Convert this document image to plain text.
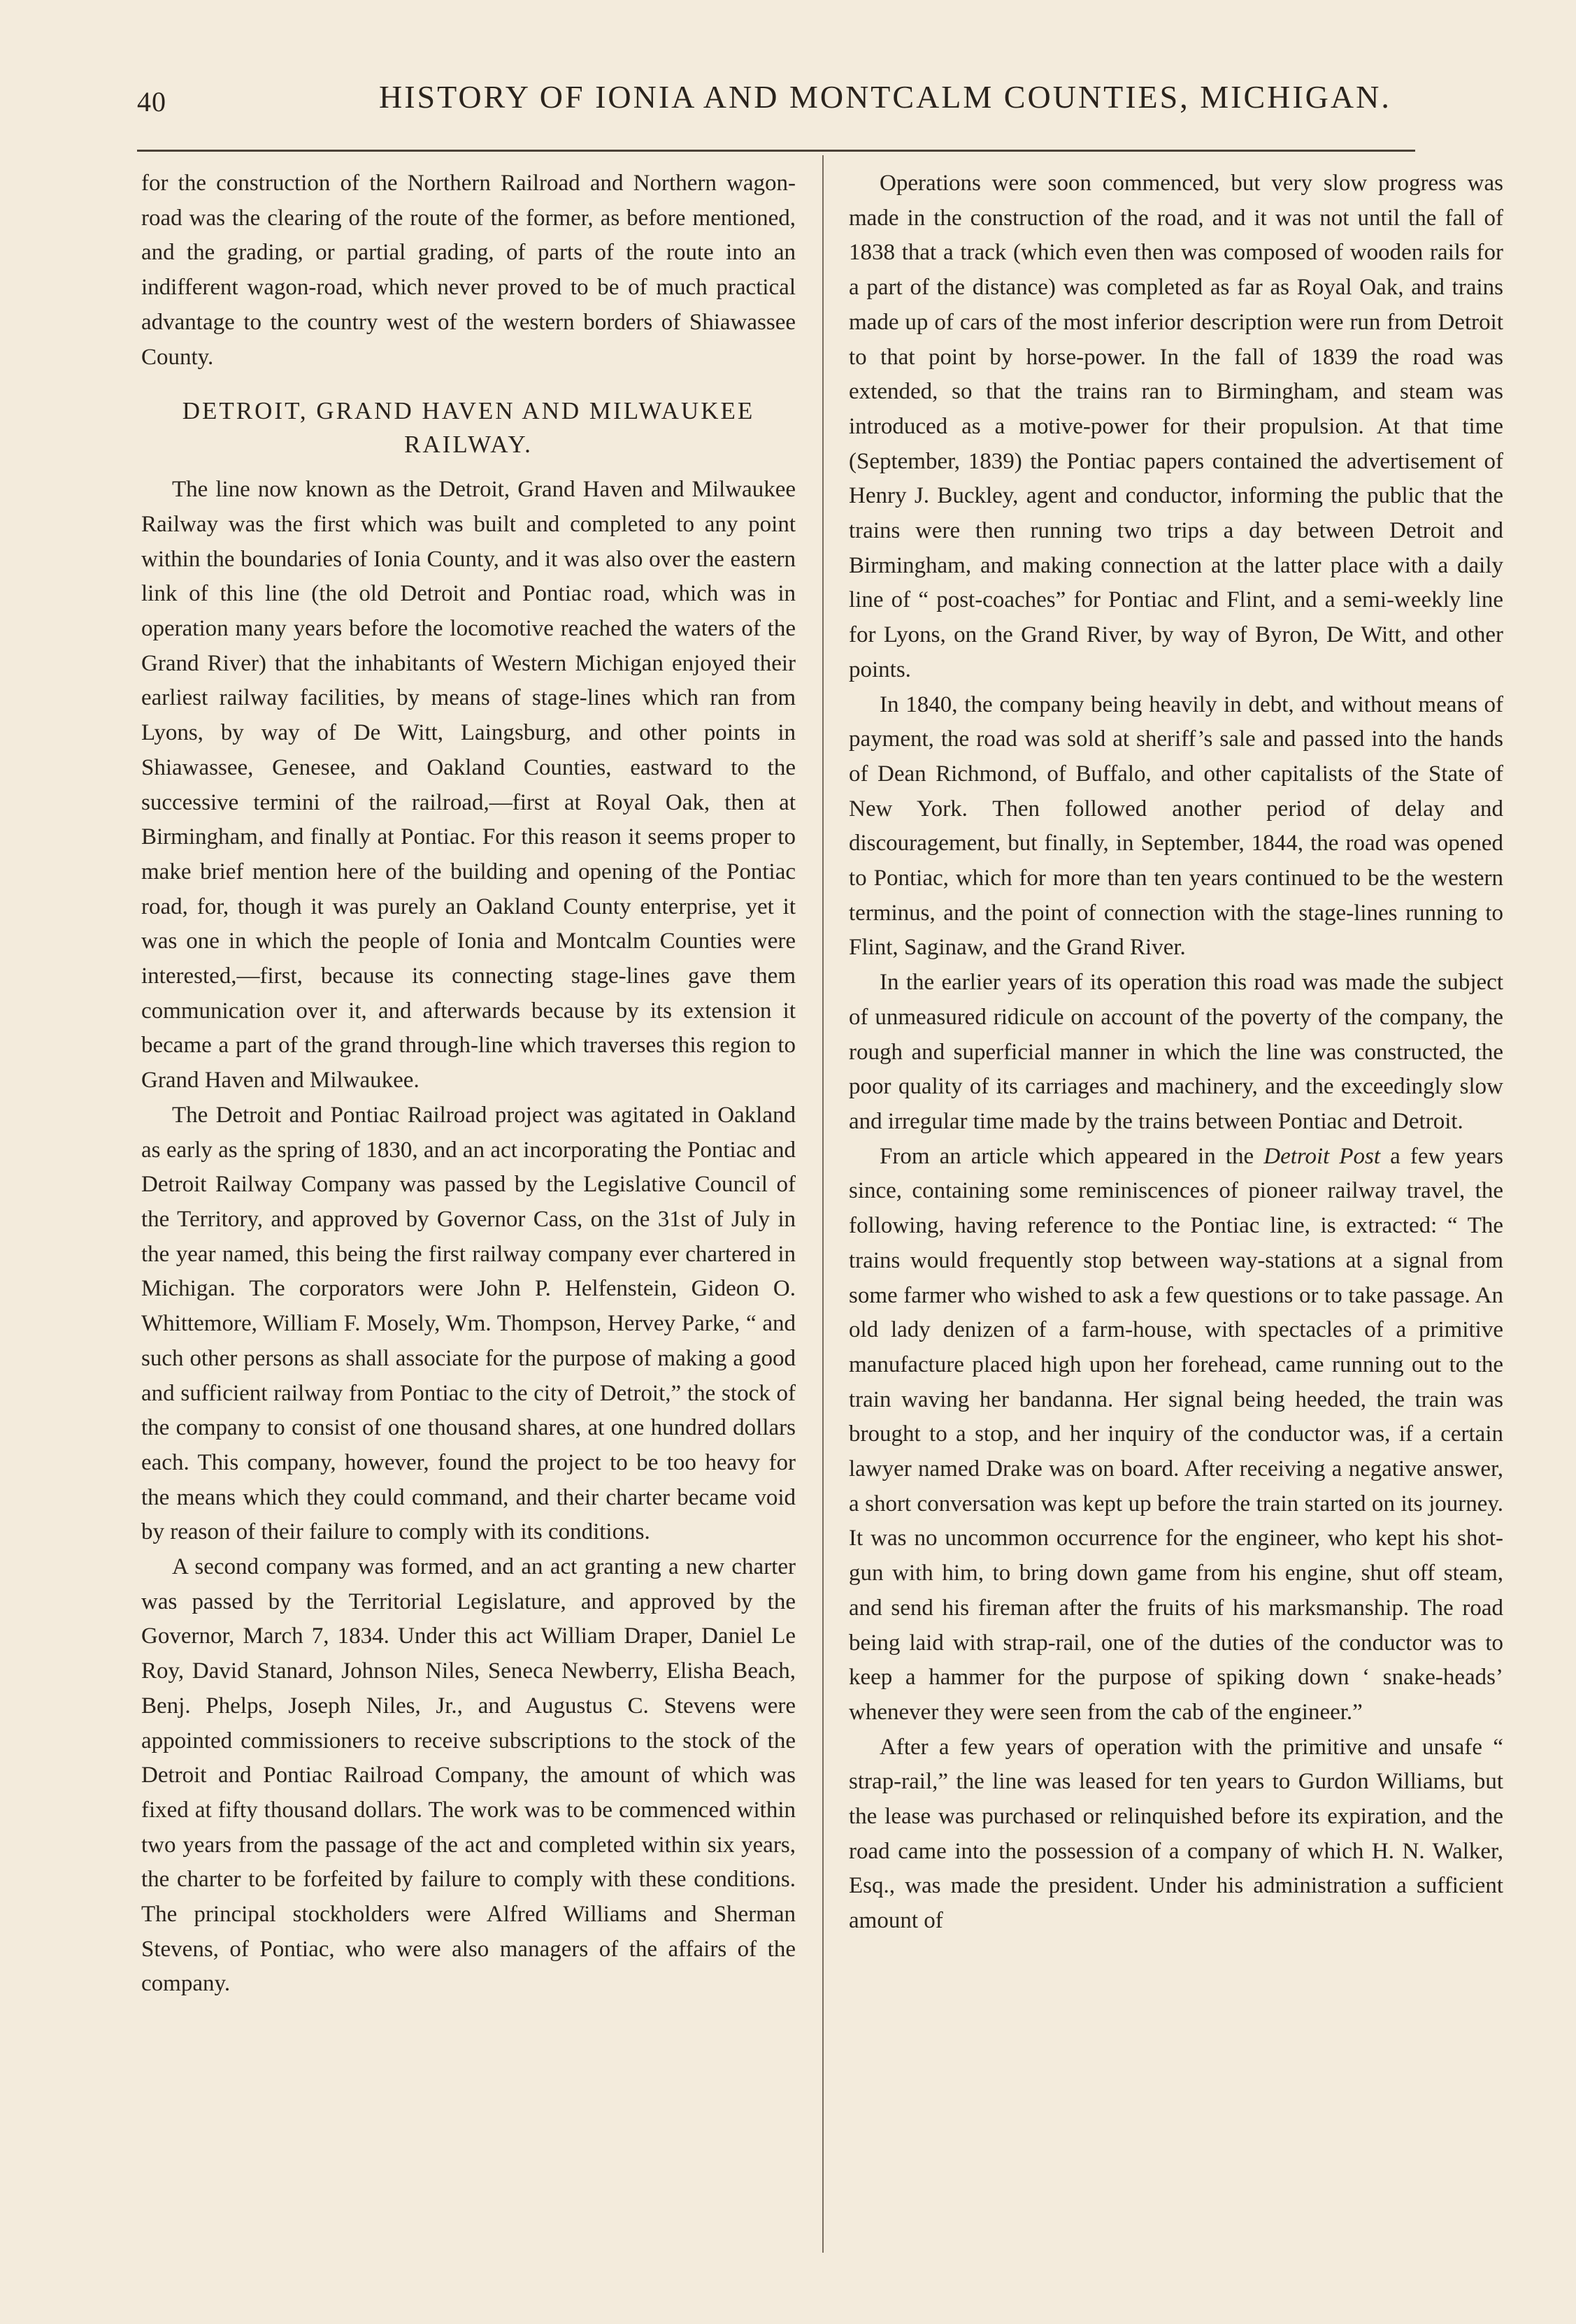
40	HISTORY OF IONIA AND MONTCALM COUNTIES, MICHIGAN.

for the construction of the Northern Railroad and Northern wagon-road was the clearing of the route of the former, as before mentioned, and the grading, or partial grading, of parts of the route into an indifferent wagon-road, which never proved to be of much practical advantage to the country west of the western borders of Shiawassee County.

DETROIT, GRAND HAVEN AND MILWAUKEE RAILWAY.

The line now known as the Detroit, Grand Haven and Milwaukee Railway was the first which was built and completed to any point within the boundaries of Ionia County, and it was also over the eastern link of this line (the old Detroit and Pontiac road, which was in operation many years before the locomotive reached the waters of the Grand River) that the inhabitants of Western Michigan enjoyed their earliest railway facilities, by means of stage-lines which ran from Lyons, by way of De Witt, Laingsburg, and other points in Shiawassee, Genesee, and Oakland Counties, eastward to the successive termini of the railroad,—first at Royal Oak, then at Birmingham, and finally at Pontiac. For this reason it seems proper to make brief mention here of the building and opening of the Pontiac road, for, though it was purely an Oakland County enterprise, yet it was one in which the people of Ionia and Montcalm Counties were interested,—first, because its connecting stage-lines gave them communication over it, and afterwards because by its extension it became a part of the grand through-line which traverses this region to Grand Haven and Milwaukee.

The Detroit and Pontiac Railroad project was agitated in Oakland as early as the spring of 1830, and an act incorporating the Pontiac and Detroit Railway Company was passed by the Legislative Council of the Territory, and approved by Governor Cass, on the 31st of July in the year named, this being the first railway company ever chartered in Michigan. The corporators were John P. Helfenstein, Gideon O. Whittemore, William F. Mosely, Wm. Thompson, Hervey Parke, “ and such other persons as shall associate for the purpose of making a good and sufficient railway from Pontiac to the city of Detroit,” the stock of the company to consist of one thousand shares, at one hundred dollars each. This company, however, found the project to be too heavy for the means which they could command, and their charter became void by reason of their failure to comply with its conditions.

A second company was formed, and an act granting a new charter was passed by the Territorial Legislature, and approved by the Governor, March 7, 1834. Under this act William Draper, Daniel Le Roy, David Stanard, Johnson Niles, Seneca Newberry, Elisha Beach, Benj. Phelps, Joseph Niles, Jr., and Augustus C. Stevens were appointed commissioners to receive subscriptions to the stock of the Detroit and Pontiac Railroad Company, the amount of which was fixed at fifty thousand dollars. The work was to be commenced within two years from the passage of the act and completed within six years, the charter to be forfeited by failure to comply with these conditions. The principal stockholders were Alfred Williams and Sherman Stevens, of Pontiac, who were also managers of the affairs of the company.

Operations were soon commenced, but very slow progress was made in the construction of the road, and it was not until the fall of 1838 that a track (which even then was composed of wooden rails for a part of the distance) was completed as far as Royal Oak, and trains made up of cars of the most inferior description were run from Detroit to that point by horse-power. In the fall of 1839 the road was extended, so that the trains ran to Birmingham, and steam was introduced as a motive-power for their propulsion. At that time (September, 1839) the Pontiac papers contained the advertisement of Henry J. Buckley, agent and conductor, informing the public that the trains were then running two trips a day between Detroit and Birmingham, and making connection at the latter place with a daily line of “ post-coaches” for Pontiac and Flint, and a semi-weekly line for Lyons, on the Grand River, by way of Byron, De Witt, and other points.

In 1840, the company being heavily in debt, and without means of payment, the road was sold at sheriff’s sale and passed into the hands of Dean Richmond, of Buffalo, and other capitalists of the State of New York. Then followed another period of delay and discouragement, but finally, in September, 1844, the road was opened to Pontiac, which for more than ten years continued to be the western terminus, and the point of connection with the stage-lines running to Flint, Saginaw, and the Grand River.

In the earlier years of its operation this road was made the subject of unmeasured ridicule on account of the poverty of the company, the rough and superficial manner in which the line was constructed, the poor quality of its carriages and machinery, and the exceedingly slow and irregular time made by the trains between Pontiac and Detroit.

From an article which appeared in the Detroit Post a few years since, containing some reminiscences of pioneer railway travel, the following, having reference to the Pontiac line, is extracted: “ The trains would frequently stop between way-stations at a signal from some farmer who wished to ask a few questions or to take passage. An old lady denizen of a farm-house, with spectacles of a primitive manufacture placed high upon her forehead, came running out to the train waving her bandanna. Her signal being heeded, the train was brought to a stop, and her inquiry of the conductor was, if a certain lawyer named Drake was on board. After receiving a negative answer, a short conversation was kept up before the train started on its journey. It was no uncommon occurrence for the engineer, who kept his shot-gun with him, to bring down game from his engine, shut off steam, and send his fireman after the fruits of his marksmanship. The road being laid with strap-rail, one of the duties of the conductor was to keep a hammer for the purpose of spiking down ‘ snake-heads’ whenever they were seen from the cab of the engineer.”

After a few years of operation with the primitive and unsafe “ strap-rail,” the line was leased for ten years to Gurdon Williams, but the lease was purchased or relinquished before its expiration, and the road came into the possession of a company of which H. N. Walker, Esq., was made the president. Under his administration a sufficient amount of
